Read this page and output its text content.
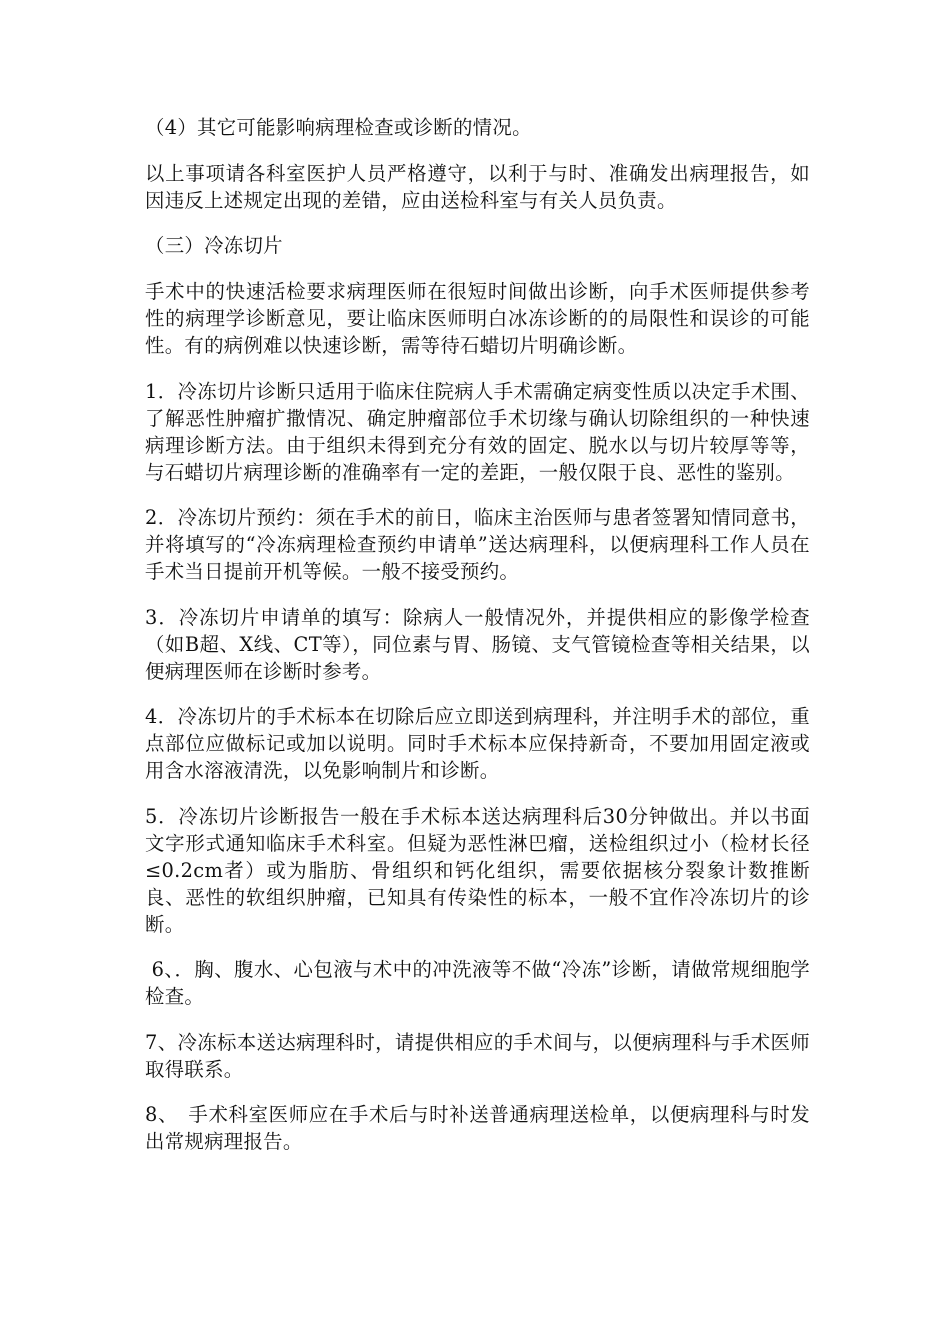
（4）其它可能影响病理检查或诊断的情况。

以上事项请各科室医护人员严格遵守，以利于与时、准确发出病理报告，如因违反上述规定出现的差错，应由送检科室与有关人员负责。

（三）冷冻切片

手术中的快速活检要求病理医师在很短时间做出诊断，向手术医师提供参考性的病理学诊断意见，要让临床医师明白冰冻诊断的的局限性和误诊的可能性。有的病例难以快速诊断，需等待石蜡切片明确诊断。

1．冷冻切片诊断只适用于临床住院病人手术需确定病变性质以决定手术围、了解恶性肿瘤扩撒情况、确定肿瘤部位手术切缘与确认切除组织的一种快速病理诊断方法。由于组织未得到充分有效的固定、脱水以与切片较厚等等，与石蜡切片病理诊断的准确率有一定的差距，一般仅限于良、恶性的鉴别。

2．冷冻切片预约：须在手术的前日，临床主治医师与患者签署知情同意书，并将填写的“冷冻病理检查预约申请单”送达病理科，以便病理科工作人员在手术当日提前开机等候。一般不接受预约。

3．冷冻切片申请单的填写：除病人一般情况外，并提供相应的影像学检查（如B超、X线、CT等），同位素与胃、肠镜、支气管镜检查等相关结果，以便病理医师在诊断时参考。

4．冷冻切片的手术标本在切除后应立即送到病理科，并注明手术的部位，重点部位应做标记或加以说明。同时手术标本应保持新奇，不要加用固定液或用含水溶液清洗，以免影响制片和诊断。

5．冷冻切片诊断报告一般在手术标本送达病理科后30分钟做出。并以书面文字形式通知临床手术科室。但疑为恶性淋巴瘤，送检组织过小（检材长径≤0.2cm者）或为脂肪、骨组织和钙化组织，需要依据核分裂象计数推断良、恶性的软组织肿瘤，已知具有传染性的标本，一般不宜作冷冻切片的诊断。

6、．胸、腹水、心包液与术中的冲洗液等不做“冷冻”诊断，请做常规细胞学检查。

7、冷冻标本送达病理科时，请提供相应的手术间与，以便病理科与手术医师取得联系。

8、　手术科室医师应在手术后与时补送普通病理送检单，以便病理科与时发出常规病理报告。
